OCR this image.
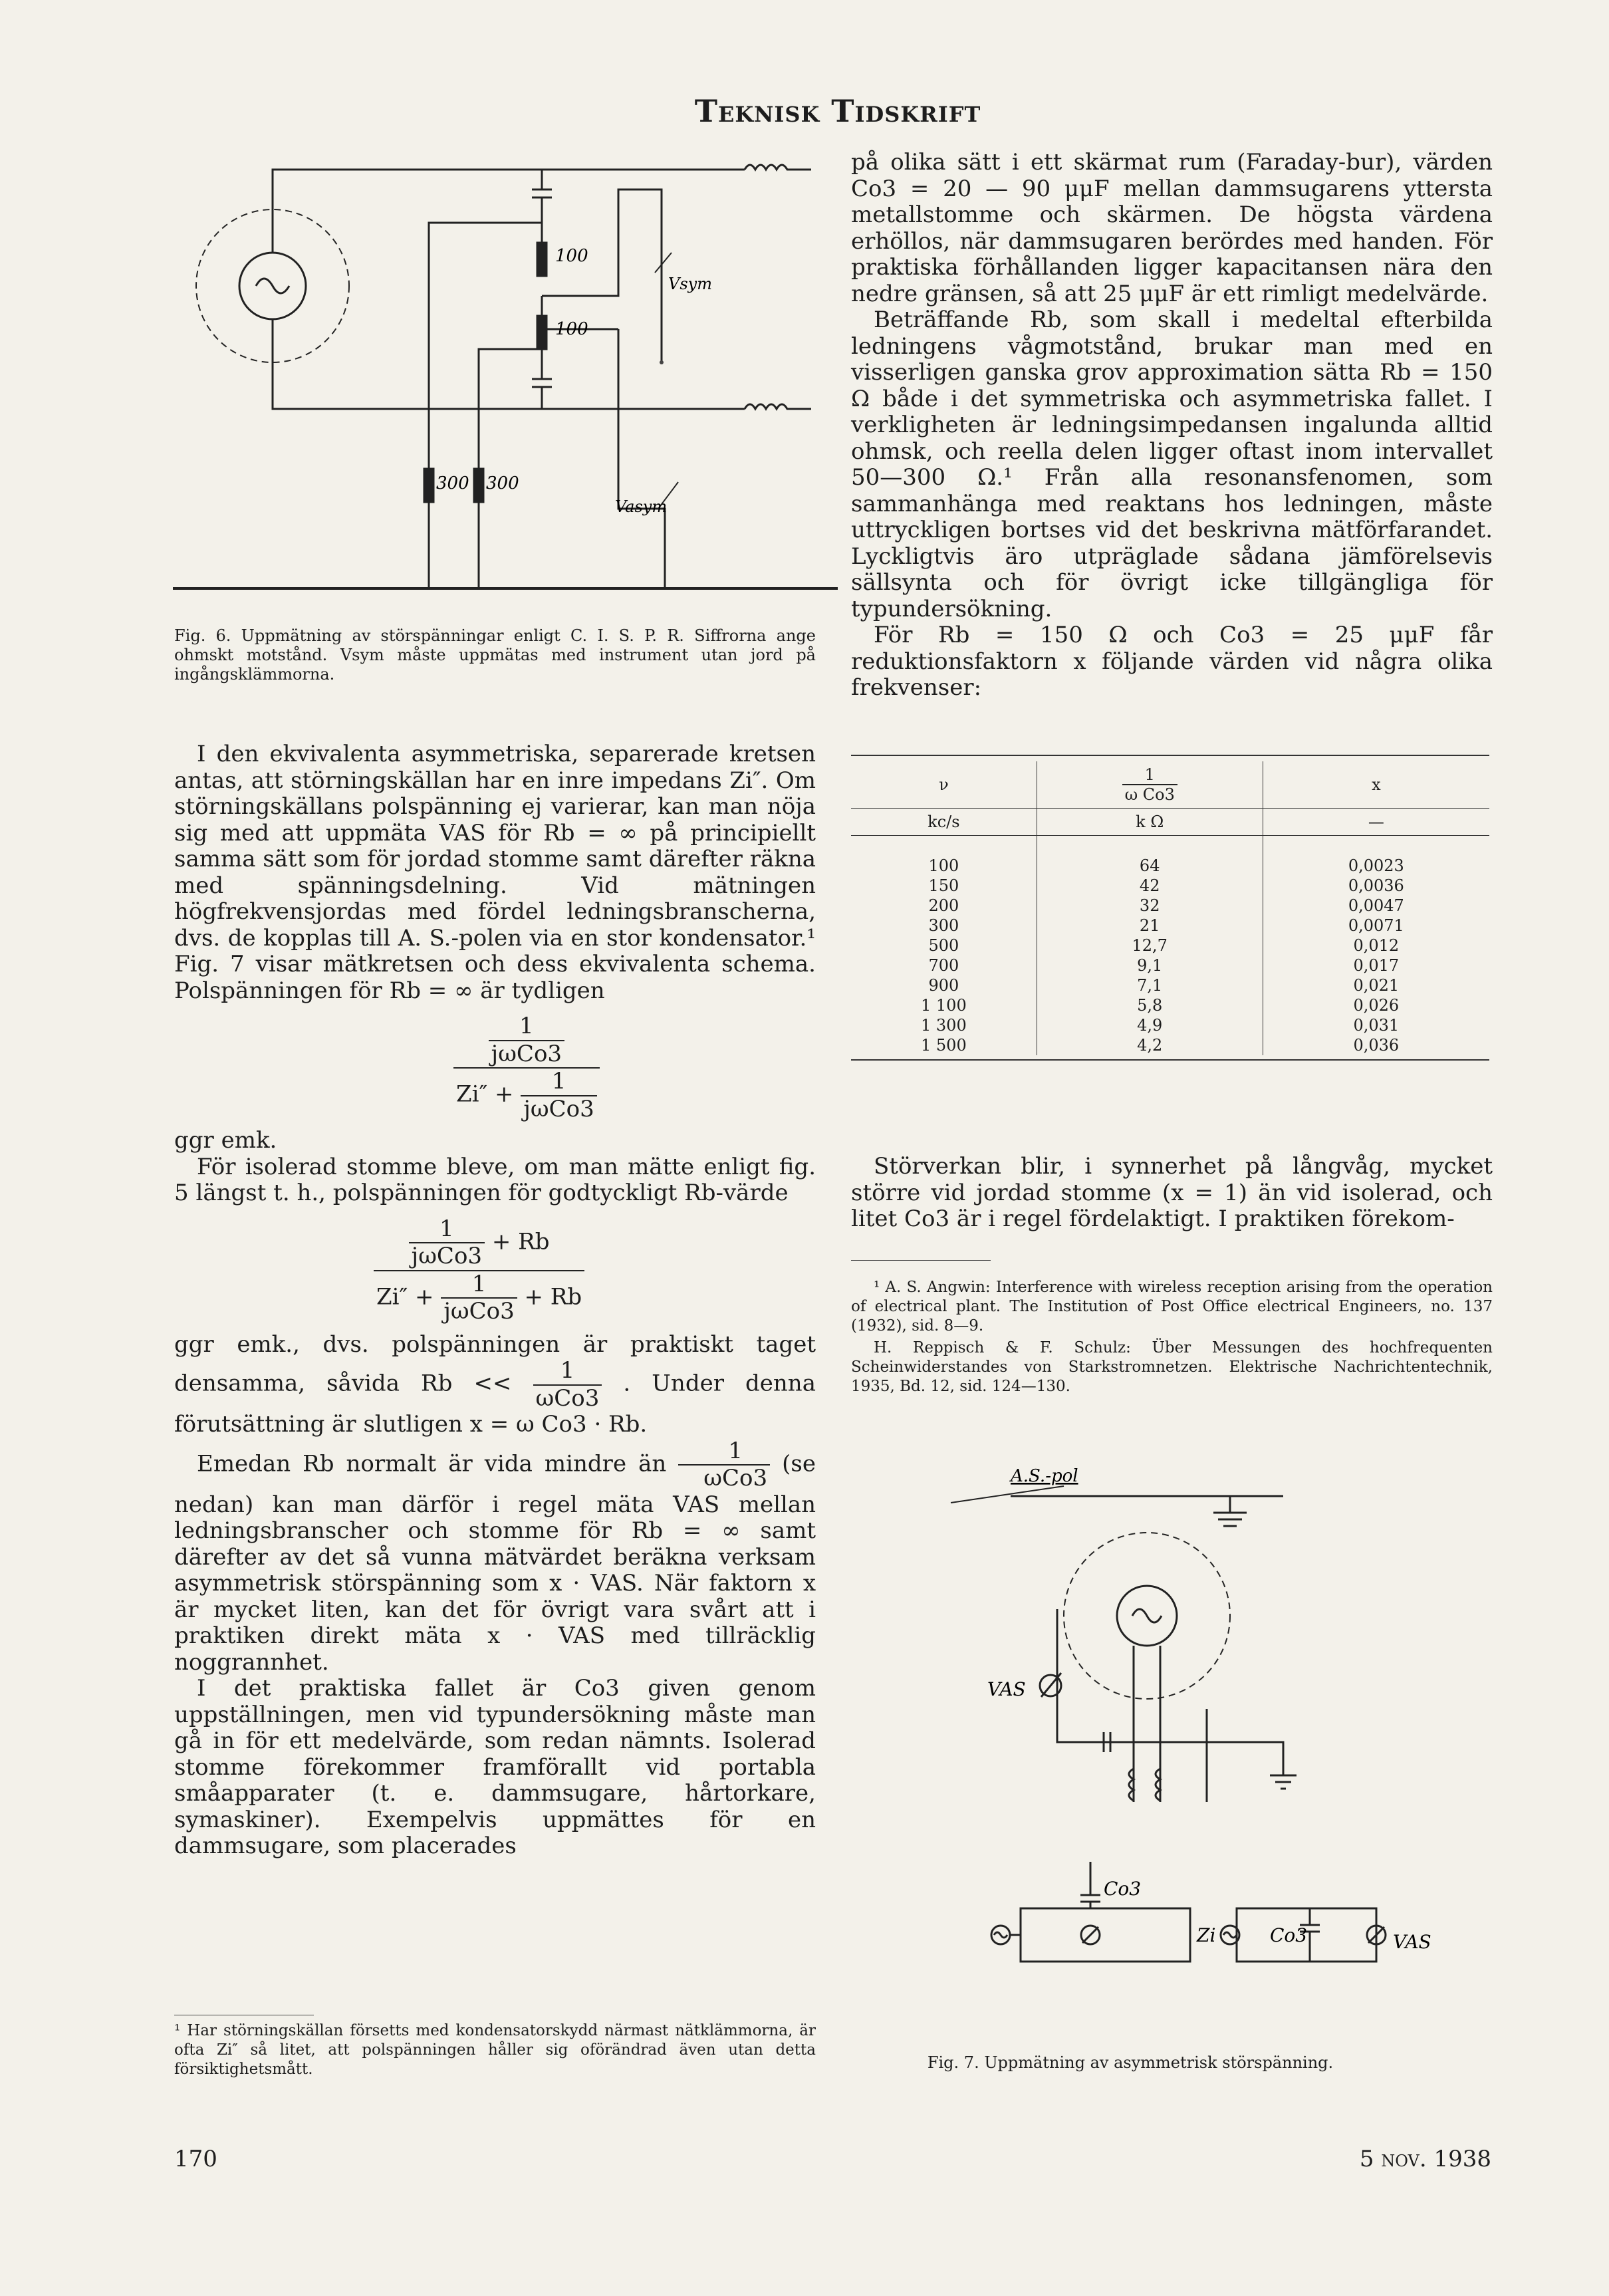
Teknisk Tidskrift
100
100
300 300
Vsym
Vasym
Fig. 6. Uppmätning av störspänningar enligt C. I. S. P. R. Siffrorna ange ohmskt motstånd. Vsym måste uppmätas med instrument utan jord på ingångsklämmorna.

I den ekvivalenta asymmetriska, separerade kretsen antas, att störningskällan har en inre impedans Zi″. Om störningskällans polspänning ej varierar, kan man nöja sig med att uppmäta VAS för Rb = ∞ på principiellt samma sätt som för jordad stomme samt därefter räkna med spänningsdelning. Vid mätningen högfrekvensjordas med fördel ledningsbranscherna, dvs. de kopplas till A. S.-polen via en stor kondensator.¹ Fig. 7 visar mätkretsen och dess ekvivalenta schema. Polspänningen för Rb = ∞ är tydligen

$\frac{\frac{1}{\text{jωCo3}}}{Zi'' + \frac{1}{\text{jωCo3}}}$

ggr emk.

För isolerad stomme bleve, om man mätte enligt fig. 5 längst t. h., polspänningen för godtyckligt Rb-värde

$\frac{\frac{1}{\text{jωCo3}} + Rb}{Zi'' + \frac{1}{\text{jωCo3}} + Rb}$

ggr emk., dvs. polspänningen är praktiskt taget densamma, såvida $Rb << \frac{1}{\text{ωCo3}}$ . Under denna förutsättning är slutligen x = ω Co3 · Rb.

Emedan Rb normalt är vida mindre än $\frac{1}{\text{ωCo3}} (se$ nedan) kan man därför i regel mäta VAS mellan ledningsbranscher och stomme för Rb = ∞ samt därefter av det så vunna mätvärdet beräkna verksam asymmetrisk störspänning som x · VAS. När faktorn x är mycket liten, kan det för övrigt vara svårt att i praktiken direkt mäta x · VAS med tillräcklig noggrannhet.

I det praktiska fallet är Co3 given genom uppställningen, men vid typundersökning måste man gå in för ett medelvärde, som redan nämnts. Isolerad stomme förekommer framförallt vid portabla småapparater (t. e. dammsugare, hårtorkare, symaskiner). Exempelvis uppmättes för en dammsugare, som placerades

¹ Har störningskällan försetts med kondensatorskydd närmast nätklämmorna, är ofta Zi″ så litet, att polspänningen håller sig oförändrad även utan detta försiktighetsmått.

på olika sätt i ett skärmat rum (Faraday-bur), värden Co3 = 20 — 90 μμF mellan dammsugarens yttersta metallstomme och skärmen. De högsta värdena erhöllos, när dammsugaren berördes med handen. För praktiska förhållanden ligger kapacitansen nära den nedre gränsen, så att 25 μμF är ett rimligt medelvärde.

Beträffande Rb, som skall i medeltal efterbilda ledningens vågmotstånd, brukar man med en visserligen ganska grov approximation sätta Rb = 150 Ω både i det symmetriska och asymmetriska fallet. I verkligheten är ledningsimpedansen ingalunda alltid ohmsk, och reella delen ligger oftast inom intervallet 50—300 Ω.¹ Från alla resonansfenomen, som sammanhänga med reaktans hos ledningen, måste uttryckligen bortses vid det beskrivna mätförfarandet. Lyckligtvis äro utpräglade sådana jämförelsevis sällsynta och för övrigt icke tillgängliga för typundersökning.

För Rb = 150 Ω och Co3 = 25 μμF får reduktionsfaktorn x följande värden vid några olika frekvenser:

ν	$\frac{1}{\text{ω Co3}}$	x
kc/s	k Ω	—

100	64	0,0023
150	42	0,0036
200	32	0,0047
300	21	0,0071
500	12,7	0,012
700	9,1	0,017
900	7,1	0,021
1 100	5,8	0,026
1 300	4,9	0,031
1 500	4,2	0,036

Störverkan blir, i synnerhet på långvåg, mycket större vid jordad stomme (x = 1) än vid isolerad, och litet Co3 är i regel fördelaktigt. I praktiken förekom-

¹ A. S. Angwin: Interference with wireless reception arising from the operation of electrical plant. The Institution of Post Office electrical Engineers, no. 137 (1932), sid. 8—9.

H. Reppisch & F. Schulz: Über Messungen des hochfrequenten Scheinwiderstandes von Starkstromnetzen. Elektrische Nachrichtentechnik, 1935, Bd. 12, sid. 124—130.

A.S.-pol
VAS
Co3
Zi	Co3	VAS
Fig. 7. Uppmätning av asymmetrisk störspänning.
170	5 nov. 1938
